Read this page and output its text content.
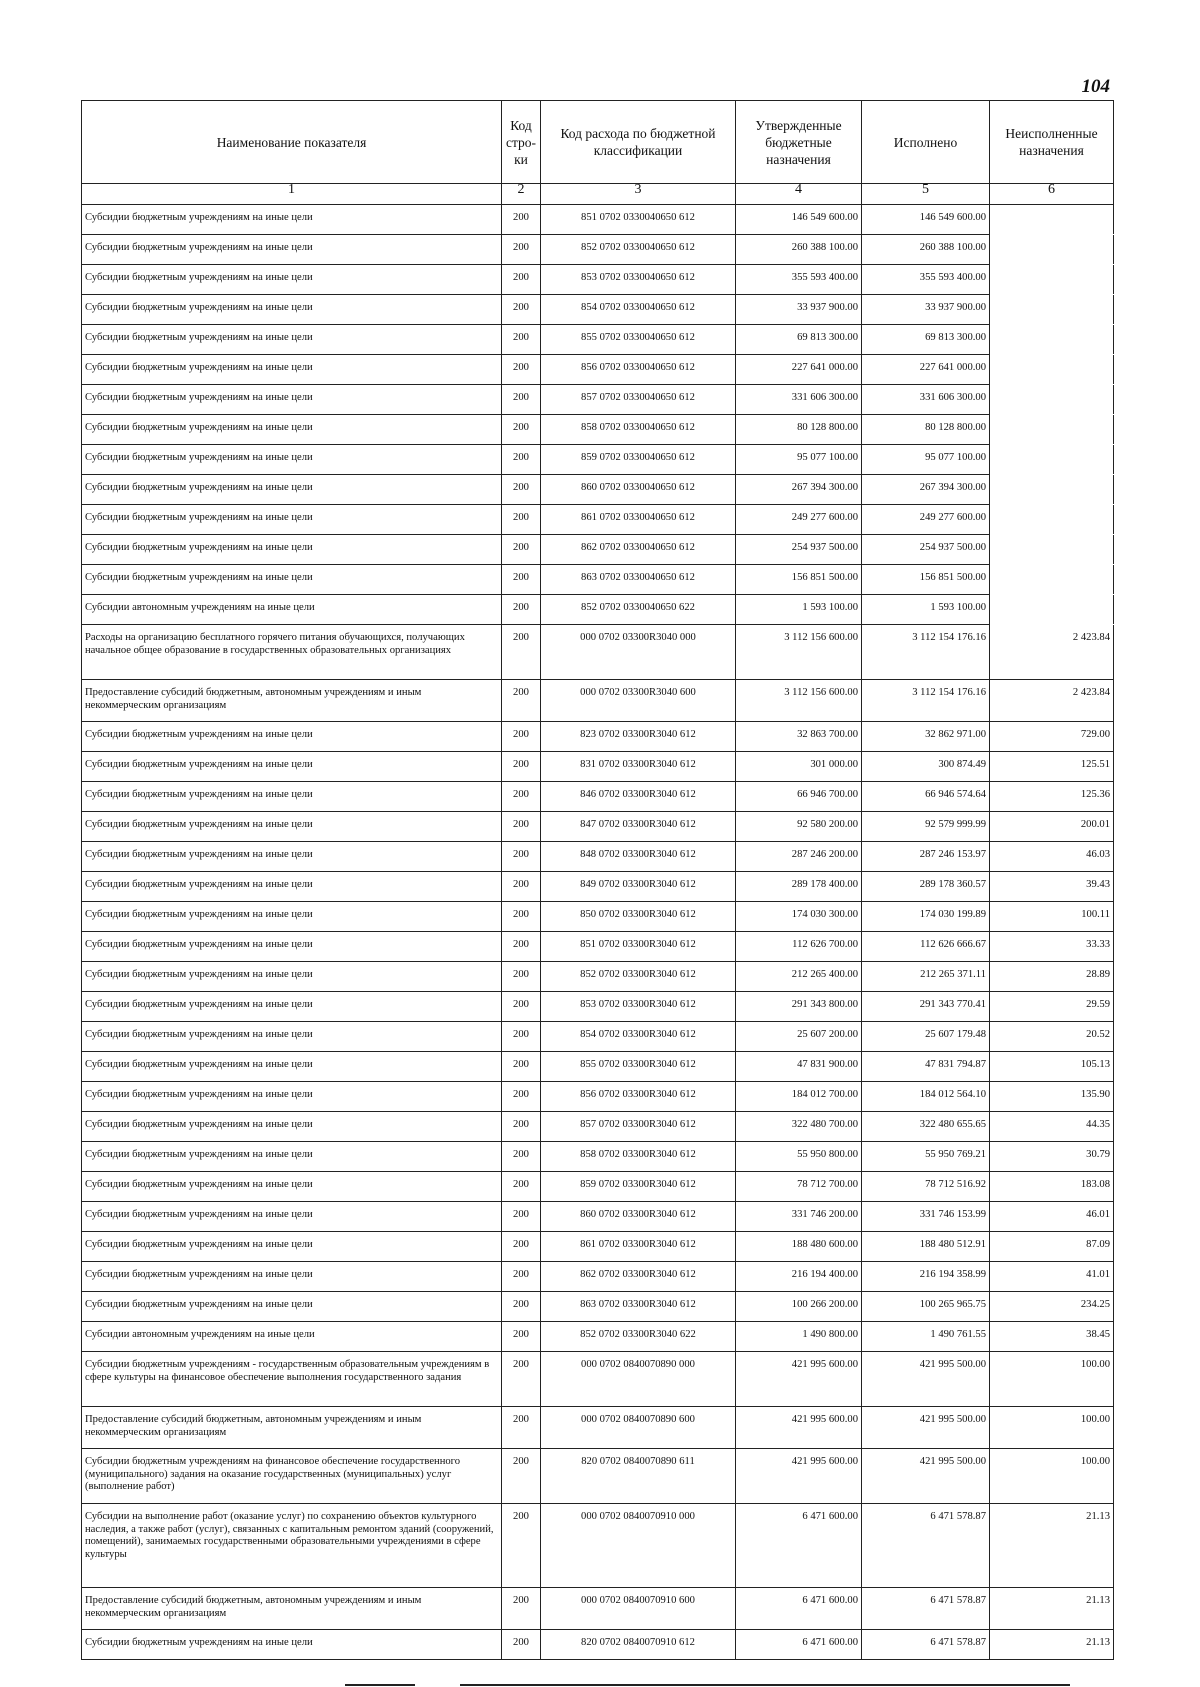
104
Наименование показателя	Код стро-ки	Код расхода по бюджетной классификации	Утвержденные бюджетные назначения	Исполнено	Неисполненные назначения
1	2	3	4	5	6
Субсидии бюджетным учреждениям на иные цели	200	851 0702 0330040650 612	146 549 600.00	146 549 600.00	
Субсидии бюджетным учреждениям на иные цели	200	852 0702 0330040650 612	260 388 100.00	260 388 100.00	
Субсидии бюджетным учреждениям на иные цели	200	853 0702 0330040650 612	355 593 400.00	355 593 400.00	
Субсидии бюджетным учреждениям на иные цели	200	854 0702 0330040650 612	33 937 900.00	33 937 900.00	
Субсидии бюджетным учреждениям на иные цели	200	855 0702 0330040650 612	69 813 300.00	69 813 300.00	
Субсидии бюджетным учреждениям на иные цели	200	856 0702 0330040650 612	227 641 000.00	227 641 000.00	
Субсидии бюджетным учреждениям на иные цели	200	857 0702 0330040650 612	331 606 300.00	331 606 300.00	
Субсидии бюджетным учреждениям на иные цели	200	858 0702 0330040650 612	80 128 800.00	80 128 800.00	
Субсидии бюджетным учреждениям на иные цели	200	859 0702 0330040650 612	95 077 100.00	95 077 100.00	
Субсидии бюджетным учреждениям на иные цели	200	860 0702 0330040650 612	267 394 300.00	267 394 300.00	
Субсидии бюджетным учреждениям на иные цели	200	861 0702 0330040650 612	249 277 600.00	249 277 600.00	
Субсидии бюджетным учреждениям на иные цели	200	862 0702 0330040650 612	254 937 500.00	254 937 500.00	
Субсидии бюджетным учреждениям на иные цели	200	863 0702 0330040650 612	156 851 500.00	156 851 500.00	
Субсидии автономным учреждениям на иные цели	200	852 0702 0330040650 622	1 593 100.00	1 593 100.00	
Расходы на организацию бесплатного горячего питания обучающихся, получающих начальное общее образование в государственных образовательных организациях	200	000 0702 03300R3040 000	3 112 156 600.00	3 112 154 176.16	2 423.84
Предоставление субсидий бюджетным, автономным учреждениям и иным некоммерческим организациям	200	000 0702 03300R3040 600	3 112 156 600.00	3 112 154 176.16	2 423.84
Субсидии бюджетным учреждениям на иные цели	200	823 0702 03300R3040 612	32 863 700.00	32 862 971.00	729.00
Субсидии бюджетным учреждениям на иные цели	200	831 0702 03300R3040 612	301 000.00	300 874.49	125.51
Субсидии бюджетным учреждениям на иные цели	200	846 0702 03300R3040 612	66 946 700.00	66 946 574.64	125.36
Субсидии бюджетным учреждениям на иные цели	200	847 0702 03300R3040 612	92 580 200.00	92 579 999.99	200.01
Субсидии бюджетным учреждениям на иные цели	200	848 0702 03300R3040 612	287 246 200.00	287 246 153.97	46.03
Субсидии бюджетным учреждениям на иные цели	200	849 0702 03300R3040 612	289 178 400.00	289 178 360.57	39.43
Субсидии бюджетным учреждениям на иные цели	200	850 0702 03300R3040 612	174 030 300.00	174 030 199.89	100.11
Субсидии бюджетным учреждениям на иные цели	200	851 0702 03300R3040 612	112 626 700.00	112 626 666.67	33.33
Субсидии бюджетным учреждениям на иные цели	200	852 0702 03300R3040 612	212 265 400.00	212 265 371.11	28.89
Субсидии бюджетным учреждениям на иные цели	200	853 0702 03300R3040 612	291 343 800.00	291 343 770.41	29.59
Субсидии бюджетным учреждениям на иные цели	200	854 0702 03300R3040 612	25 607 200.00	25 607 179.48	20.52
Субсидии бюджетным учреждениям на иные цели	200	855 0702 03300R3040 612	47 831 900.00	47 831 794.87	105.13
Субсидии бюджетным учреждениям на иные цели	200	856 0702 03300R3040 612	184 012 700.00	184 012 564.10	135.90
Субсидии бюджетным учреждениям на иные цели	200	857 0702 03300R3040 612	322 480 700.00	322 480 655.65	44.35
Субсидии бюджетным учреждениям на иные цели	200	858 0702 03300R3040 612	55 950 800.00	55 950 769.21	30.79
Субсидии бюджетным учреждениям на иные цели	200	859 0702 03300R3040 612	78 712 700.00	78 712 516.92	183.08
Субсидии бюджетным учреждениям на иные цели	200	860 0702 03300R3040 612	331 746 200.00	331 746 153.99	46.01
Субсидии бюджетным учреждениям на иные цели	200	861 0702 03300R3040 612	188 480 600.00	188 480 512.91	87.09
Субсидии бюджетным учреждениям на иные цели	200	862 0702 03300R3040 612	216 194 400.00	216 194 358.99	41.01
Субсидии бюджетным учреждениям на иные цели	200	863 0702 03300R3040 612	100 266 200.00	100 265 965.75	234.25
Субсидии автономным учреждениям на иные цели	200	852 0702 03300R3040 622	1 490 800.00	1 490 761.55	38.45
Субсидии бюджетным учреждениям - государственным образовательным учреждениям в сфере культуры на финансовое обеспечение выполнения государственного задания	200	000 0702 0840070890 000	421 995 600.00	421 995 500.00	100.00
Предоставление субсидий бюджетным, автономным учреждениям и иным некоммерческим организациям	200	000 0702 0840070890 600	421 995 600.00	421 995 500.00	100.00
Субсидии бюджетным учреждениям на финансовое обеспечение государственного (муниципального) задания на оказание государственных (муниципальных) услуг (выполнение работ)	200	820 0702 0840070890 611	421 995 600.00	421 995 500.00	100.00
Субсидии на выполнение работ (оказание услуг) по сохранению объектов культурного наследия, а также работ (услуг), связанных с капитальным ремонтом зданий (сооружений, помещений), занимаемых государственными образовательными учреждениями в сфере культуры	200	000 0702 0840070910 000	6 471 600.00	6 471 578.87	21.13
Предоставление субсидий бюджетным, автономным учреждениям и иным некоммерческим организациям	200	000 0702 0840070910 600	6 471 600.00	6 471 578.87	21.13
Субсидии бюджетным учреждениям на иные цели	200	820 0702 0840070910 612	6 471 600.00	6 471 578.87	21.13
